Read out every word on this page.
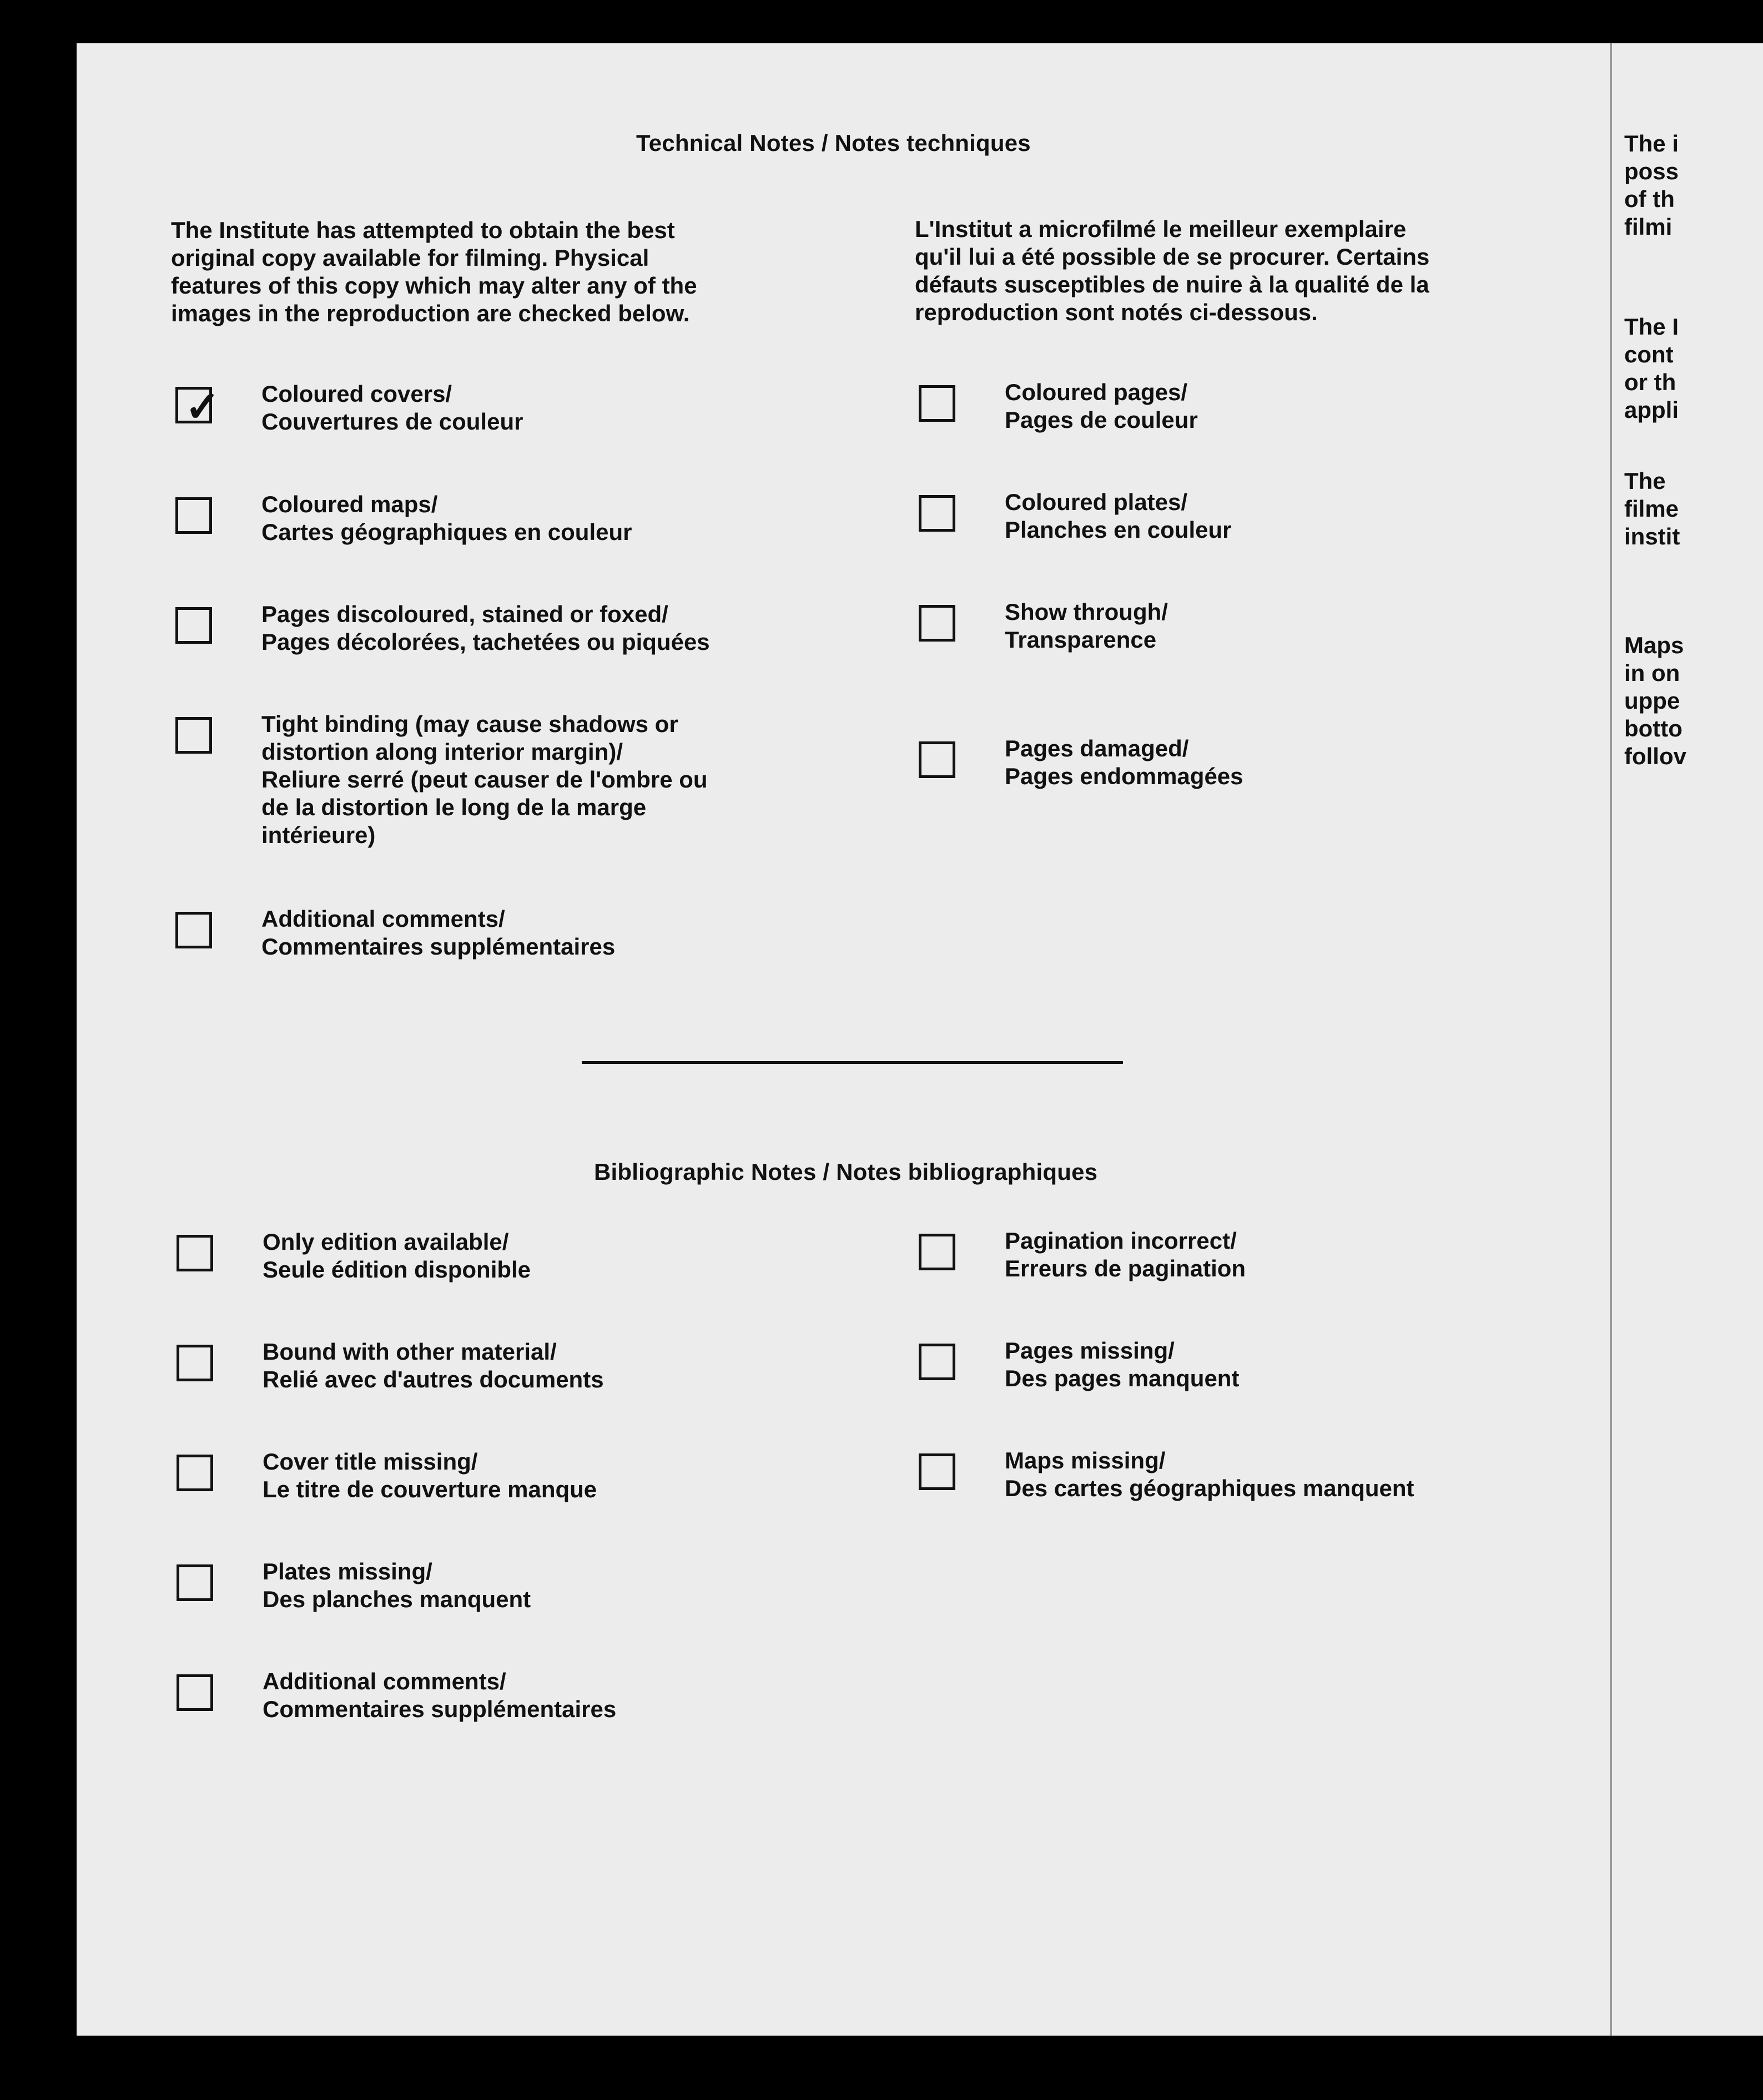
Technical Notes / Notes techniques
The Institute has attempted to obtain the best
original copy available for filming. Physical
features of this copy which may alter any of the
images in the reproduction are checked below.
L'Institut a microfilmé le meilleur exemplaire
qu'il lui a été possible de se procurer. Certains
défauts susceptibles de nuire à la qualité de la
reproduction sont notés ci-dessous.
✓ Coloured covers/
Couvertures de couleur
Coloured maps/
Cartes géographiques en couleur
Pages discoloured, stained or foxed/
Pages décolorées, tachetées ou piquées
Tight binding (may cause shadows or
distortion along interior margin)/
Reliure serré (peut causer de l'ombre ou
de la distortion le long de la marge
intérieure)
Additional comments/
Commentaires supplémentaires
Coloured pages/
Pages de couleur
Coloured plates/
Planches en couleur
Show through/
Transparence
Pages damaged/
Pages endommagées
Bibliographic Notes / Notes bibliographiques
Only edition available/
Seule édition disponible
Bound with other material/
Relié avec d'autres documents
Cover title missing/
Le titre de couverture manque
Plates missing/
Des planches manquent
Additional comments/
Commentaires supplémentaires
Pagination incorrect/
Erreurs de pagination
Pages missing/
Des pages manquent
Maps missing/
Des cartes géographiques manquent
The i
poss
of th
filmi
The I
cont
or th
appli
The
filme
instit
Maps
in on
uppe
botto
follov
